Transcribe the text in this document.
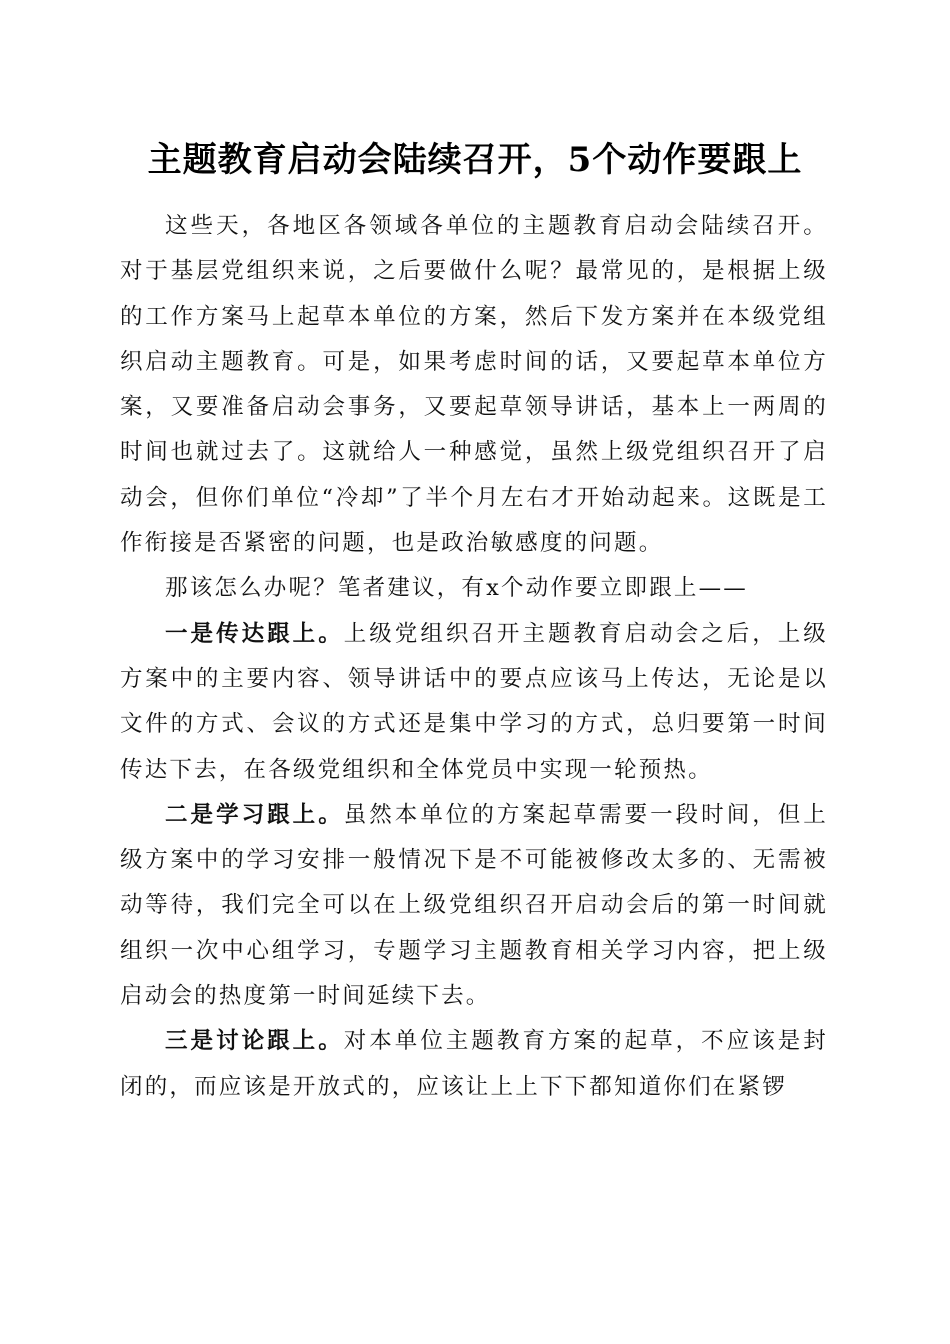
主题教育启动会陆续召开，5个动作要跟上

这些天，各地区各领域各单位的主题教育启动会陆续召开。对于基层党组织来说，之后要做什么呢？最常见的，是根据上级的工作方案马上起草本单位的方案，然后下发方案并在本级党组织启动主题教育。可是，如果考虑时间的话，又要起草本单位方案，又要准备启动会事务，又要起草领导讲话，基本上一两周的时间也就过去了。这就给人一种感觉，虽然上级党组织召开了启动会，但你们单位“冷却”了半个月左右才开始动起来。这既是工作衔接是否紧密的问题，也是政治敏感度的问题。

那该怎么办呢？笔者建议，有x个动作要立即跟上——

一是传达跟上。上级党组织召开主题教育启动会之后，上级方案中的主要内容、领导讲话中的要点应该马上传达，无论是以文件的方式、会议的方式还是集中学习的方式，总归要第一时间传达下去，在各级党组织和全体党员中实现一轮预热。

二是学习跟上。虽然本单位的方案起草需要一段时间，但上级方案中的学习安排一般情况下是不可能被修改太多的、无需被动等待，我们完全可以在上级党组织召开启动会后的第一时间就组织一次中心组学习，专题学习主题教育相关学习内容，把上级启动会的热度第一时间延续下去。

三是讨论跟上。对本单位主题教育方案的起草，不应该是封闭的，而应该是开放式的，应该让上上下下都知道你们在紧锣
